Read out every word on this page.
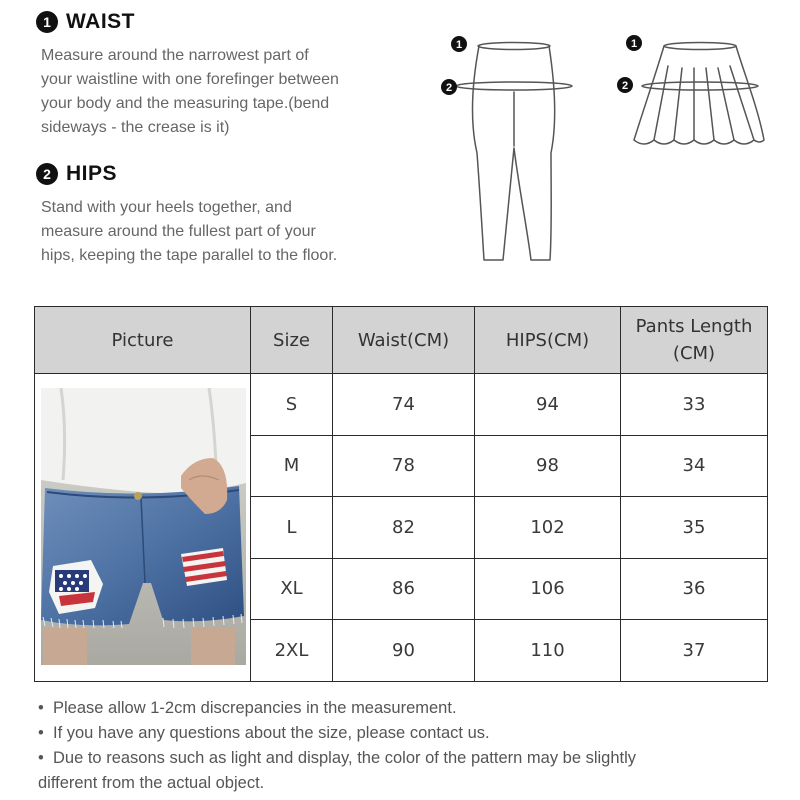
1 WAIST
Measure around the narrowest part of
your waistline with one forefinger between
your body and the measuring tape.(bend
sideways - the crease is it)
2 HIPS
Stand with your heels together, and
measure around the fullest part of your
hips, keeping the tape parallel to the floor.
1
2
1
2
Picture	Size	Waist(CM)	HIPS(CM)	Pants Length
(CM)

	S	74	94	33
	M	78	98	34
	L	82	102	35
	XL	86	106	36
	2XL	90	110	37
• Please allow 1-2cm discrepancies in the measurement.
• If you have any questions about the size, please contact us.
• Due to reasons such as light and display, the color of the pattern may be slightly
different from the actual object.
